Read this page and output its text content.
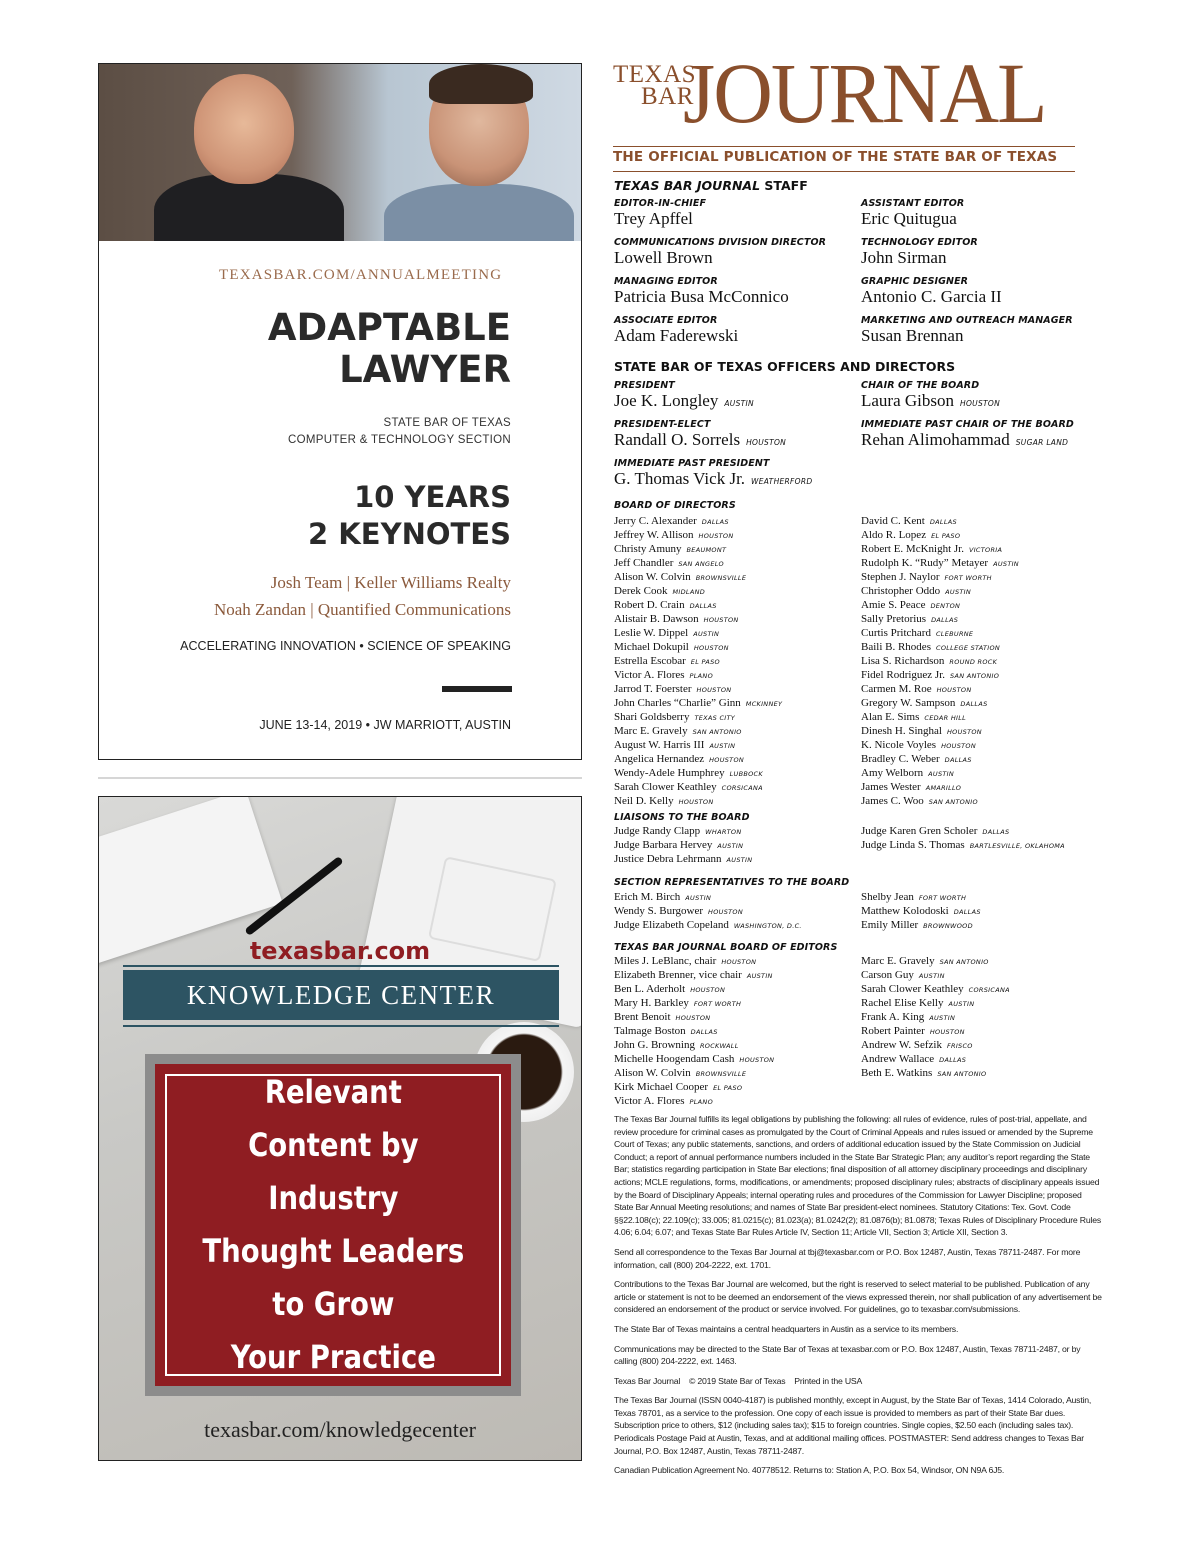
TEXASBAR.COM/ANNUALMEETING
ADAPTABLE
LAWYER
STATE BAR OF TEXAS
COMPUTER & TECHNOLOGY SECTION
10 YEARS
2 KEYNOTES
Josh Team | Keller Williams Realty
Noah Zandan | Quantified Communications
ACCELERATING INNOVATION • SCIENCE OF SPEAKING
JUNE 13-14, 2019 • JW MARRIOTT, AUSTIN
texasbar.com
KNOWLEDGE CENTER
Relevant
Content by
Industry
Thought Leaders
to Grow
Your Practice
texasbar.com/knowledgecenter
TEXAS
BAR
JOURNAL
THE OFFICIAL PUBLICATION OF THE STATE BAR OF TEXAS
TEXAS BAR JOURNAL STAFF
EDITOR-IN-CHIEF
Trey Apffel
COMMUNICATIONS DIVISION DIRECTOR
Lowell Brown
MANAGING EDITOR
Patricia Busa McConnico
ASSOCIATE EDITOR
Adam Faderewski
ASSISTANT EDITOR
Eric Quitugua
TECHNOLOGY EDITOR
John Sirman
GRAPHIC DESIGNER
Antonio C. Garcia II
MARKETING AND OUTREACH MANAGER
Susan Brennan
STATE BAR OF TEXAS OFFICERS AND DIRECTORS
PRESIDENT
Joe K. Longley AUSTIN
PRESIDENT-ELECT
Randall O. Sorrels HOUSTON
IMMEDIATE PAST PRESIDENT
G. Thomas Vick Jr. WEATHERFORD
CHAIR OF THE BOARD
Laura Gibson HOUSTON
IMMEDIATE PAST CHAIR OF THE BOARD
Rehan Alimohammad SUGAR LAND
BOARD OF DIRECTORS
Jerry C. Alexander DALLAS
Jeffrey W. Allison HOUSTON
Christy Amuny BEAUMONT
Jeff Chandler SAN ANGELO
Alison W. Colvin BROWNSVILLE
Derek Cook MIDLAND
Robert D. Crain DALLAS
Alistair B. Dawson HOUSTON
Leslie W. Dippel AUSTIN
Michael Dokupil HOUSTON
Estrella Escobar EL PASO
Victor A. Flores PLANO
Jarrod T. Foerster HOUSTON
John Charles “Charlie” Ginn MCKINNEY
Shari Goldsberry TEXAS CITY
Marc E. Gravely SAN ANTONIO
August W. Harris III AUSTIN
Angelica Hernandez HOUSTON
Wendy-Adele Humphrey LUBBOCK
Sarah Clower Keathley CORSICANA
Neil D. Kelly HOUSTON
David C. Kent DALLAS
Aldo R. Lopez EL PASO
Robert E. McKnight Jr. VICTORIA
Rudolph K. “Rudy” Metayer AUSTIN
Stephen J. Naylor FORT WORTH
Christopher Oddo AUSTIN
Amie S. Peace DENTON
Sally Pretorius DALLAS
Curtis Pritchard CLEBURNE
Baili B. Rhodes COLLEGE STATION
Lisa S. Richardson ROUND ROCK
Fidel Rodriguez Jr. SAN ANTONIO
Carmen M. Roe HOUSTON
Gregory W. Sampson DALLAS
Alan E. Sims CEDAR HILL
Dinesh H. Singhal HOUSTON
K. Nicole Voyles HOUSTON
Bradley C. Weber DALLAS
Amy Welborn AUSTIN
James Wester AMARILLO
James C. Woo SAN ANTONIO
LIAISONS TO THE BOARD
Judge Randy Clapp WHARTON
Judge Barbara Hervey AUSTIN
Justice Debra Lehrmann AUSTIN
Judge Karen Gren Scholer DALLAS
Judge Linda S. Thomas BARTLESVILLE, OKLAHOMA
SECTION REPRESENTATIVES TO THE BOARD
Erich M. Birch AUSTIN
Wendy S. Burgower HOUSTON
Judge Elizabeth Copeland WASHINGTON, D.C.
Shelby Jean FORT WORTH
Matthew Kolodoski DALLAS
Emily Miller BROWNWOOD
TEXAS BAR JOURNAL BOARD OF EDITORS
Miles J. LeBlanc, chair HOUSTON
Elizabeth Brenner, vice chair AUSTIN
Ben L. Aderholt HOUSTON
Mary H. Barkley FORT WORTH
Brent Benoit HOUSTON
Talmage Boston DALLAS
John G. Browning ROCKWALL
Michelle Hoogendam Cash HOUSTON
Alison W. Colvin BROWNSVILLE
Kirk Michael Cooper EL PASO
Victor A. Flores PLANO
Marc E. Gravely SAN ANTONIO
Carson Guy AUSTIN
Sarah Clower Keathley CORSICANA
Rachel Elise Kelly AUSTIN
Frank A. King AUSTIN
Robert Painter HOUSTON
Andrew W. Sefzik FRISCO
Andrew Wallace DALLAS
Beth E. Watkins SAN ANTONIO

The Texas Bar Journal fulfills its legal obligations by publishing the following: all rules of evidence, rules of post-trial, appellate, and review procedure for criminal cases as promulgated by the Court of Criminal Appeals and rules issued or amended by the Supreme Court of Texas; any public statements, sanctions, and orders of additional education issued by the State Commission on Judicial Conduct; a report of annual performance numbers included in the State Bar Strategic Plan; any auditor’s report regarding the State Bar; statistics regarding participation in State Bar elections; final disposition of all attorney disciplinary proceedings and disciplinary actions; MCLE regulations, forms, modifications, or amendments; proposed disciplinary rules; abstracts of disciplinary appeals issued by the Board of Disciplinary Appeals; internal operating rules and procedures of the Commission for Lawyer Discipline; proposed State Bar Annual Meeting resolutions; and names of State Bar president-elect nominees. Statutory Citations: Tex. Govt. Code §§22.108(c); 22.109(c); 33.005; 81.0215(c); 81.023(a); 81.0242(2); 81.0876(b); 81.0878; Texas Rules of Disciplinary Procedure Rules 4.06; 6.04; 6.07; and Texas State Bar Rules Article IV, Section 11; Article VII, Section 3; Article XII, Section 3.

Send all correspondence to the Texas Bar Journal at tbj@texasbar.com or P.O. Box 12487, Austin, Texas 78711-2487. For more information, call (800) 204-2222, ext. 1701.

Contributions to the Texas Bar Journal are welcomed, but the right is reserved to select material to be published. Publication of any article or statement is not to be deemed an endorsement of the views expressed therein, nor shall publication of any advertisement be considered an endorsement of the product or service involved. For guidelines, go to texasbar.com/submissions.

The State Bar of Texas maintains a central headquarters in Austin as a service to its members.

Communications may be directed to the State Bar of Texas at texasbar.com or P.O. Box 12487, Austin, Texas 78711-2487, or by calling (800) 204-2222, ext. 1463.

Texas Bar Journal    © 2019 State Bar of Texas    Printed in the USA

The Texas Bar Journal (ISSN 0040-4187) is published monthly, except in August, by the State Bar of Texas, 1414 Colorado, Austin, Texas 78701, as a service to the profession. One copy of each issue is provided to members as part of their State Bar dues. Subscription price to others, $12 (including sales tax); $15 to foreign countries. Single copies, $2.50 each (including sales tax). Periodicals Postage Paid at Austin, Texas, and at additional mailing offices. POSTMASTER: Send address changes to Texas Bar Journal, P.O. Box 12487, Austin, Texas 78711-2487.

Canadian Publication Agreement No. 40778512. Returns to: Station A, P.O. Box 54, Windsor, ON N9A 6J5.
